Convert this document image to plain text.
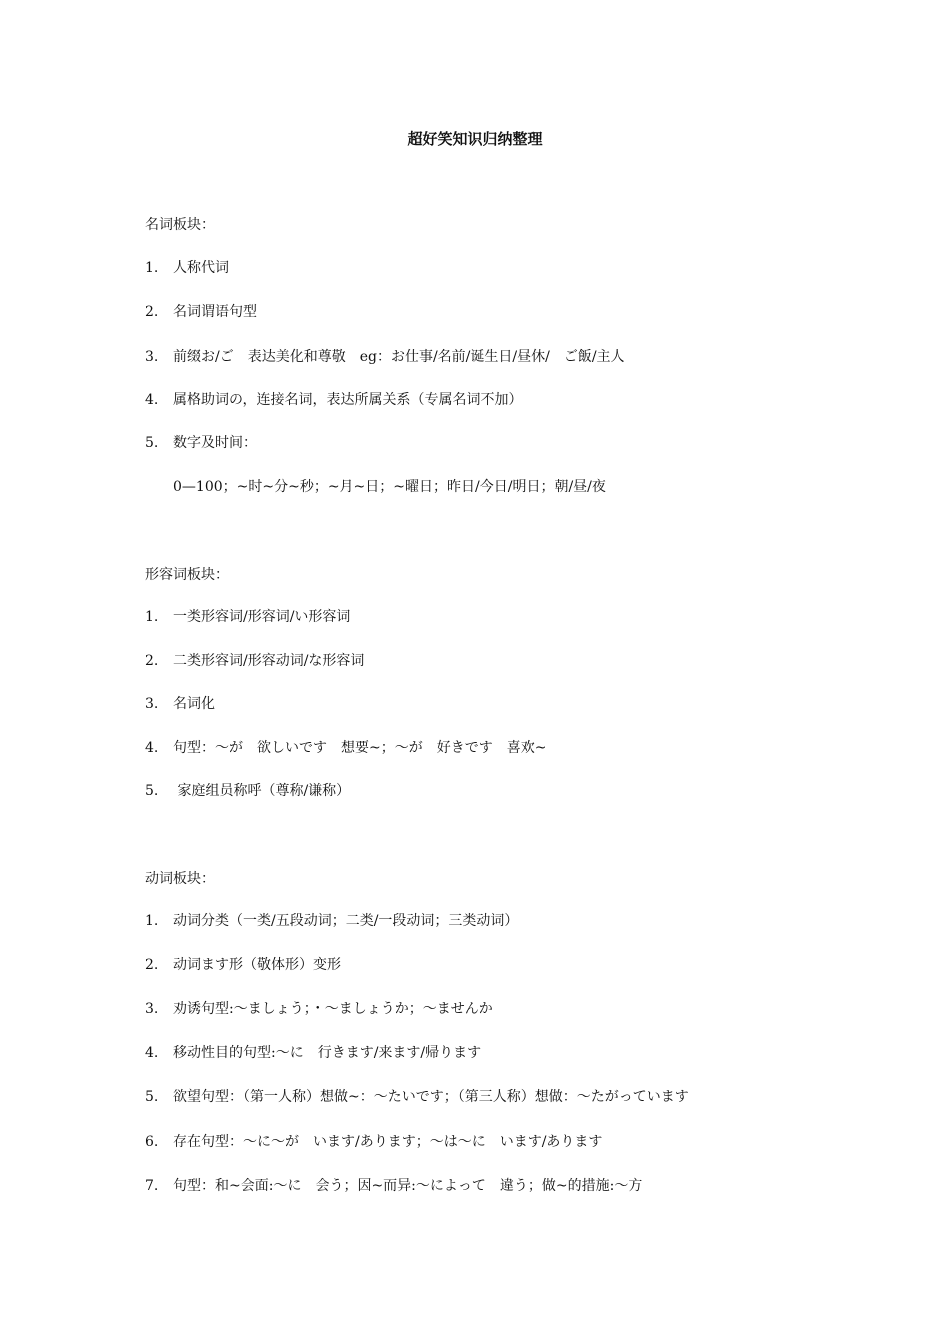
超好笑知识归纳整理
名词板块：
1. 人称代词
2. 名词谓语句型
3. 前缀お/ご　表达美化和尊敬　eg：お仕事/名前/诞生日/昼休/　ご飯/主人
4. 属格助词の，连接名词，表达所属关系（专属名词不加）
5. 数字及时间：
0—100；~时~分~秒；~月~日；~曜日；昨日/今日/明日；朝/昼/夜
形容词板块：
1. 一类形容词/形容词/い形容词
2. 二类形容词/形容动词/な形容词
3. 名词化
4. 句型：～が　欲しいです　想要~；～が　好きです　喜欢~
5. 家庭组员称呼（尊称/谦称）
动词板块：
1. 动词分类（一类/五段动词；二类/一段动词；三类动词）
2. 动词ます形（敬体形）变形
3. 劝诱句型:～ましょう；・～ましょうか；～ませんか
4. 移动性目的句型:～に　行きます/来ます/帰ります
5. 欲望句型：（第一人称）想做~：～たいです；（第三人称）想做：～たがっています
6. 存在句型：～に～が　います/あります；～は～に　います/あります
7. 句型：和~会面:～に　会う；因~而异:～によって　違う；做~的措施:～方
